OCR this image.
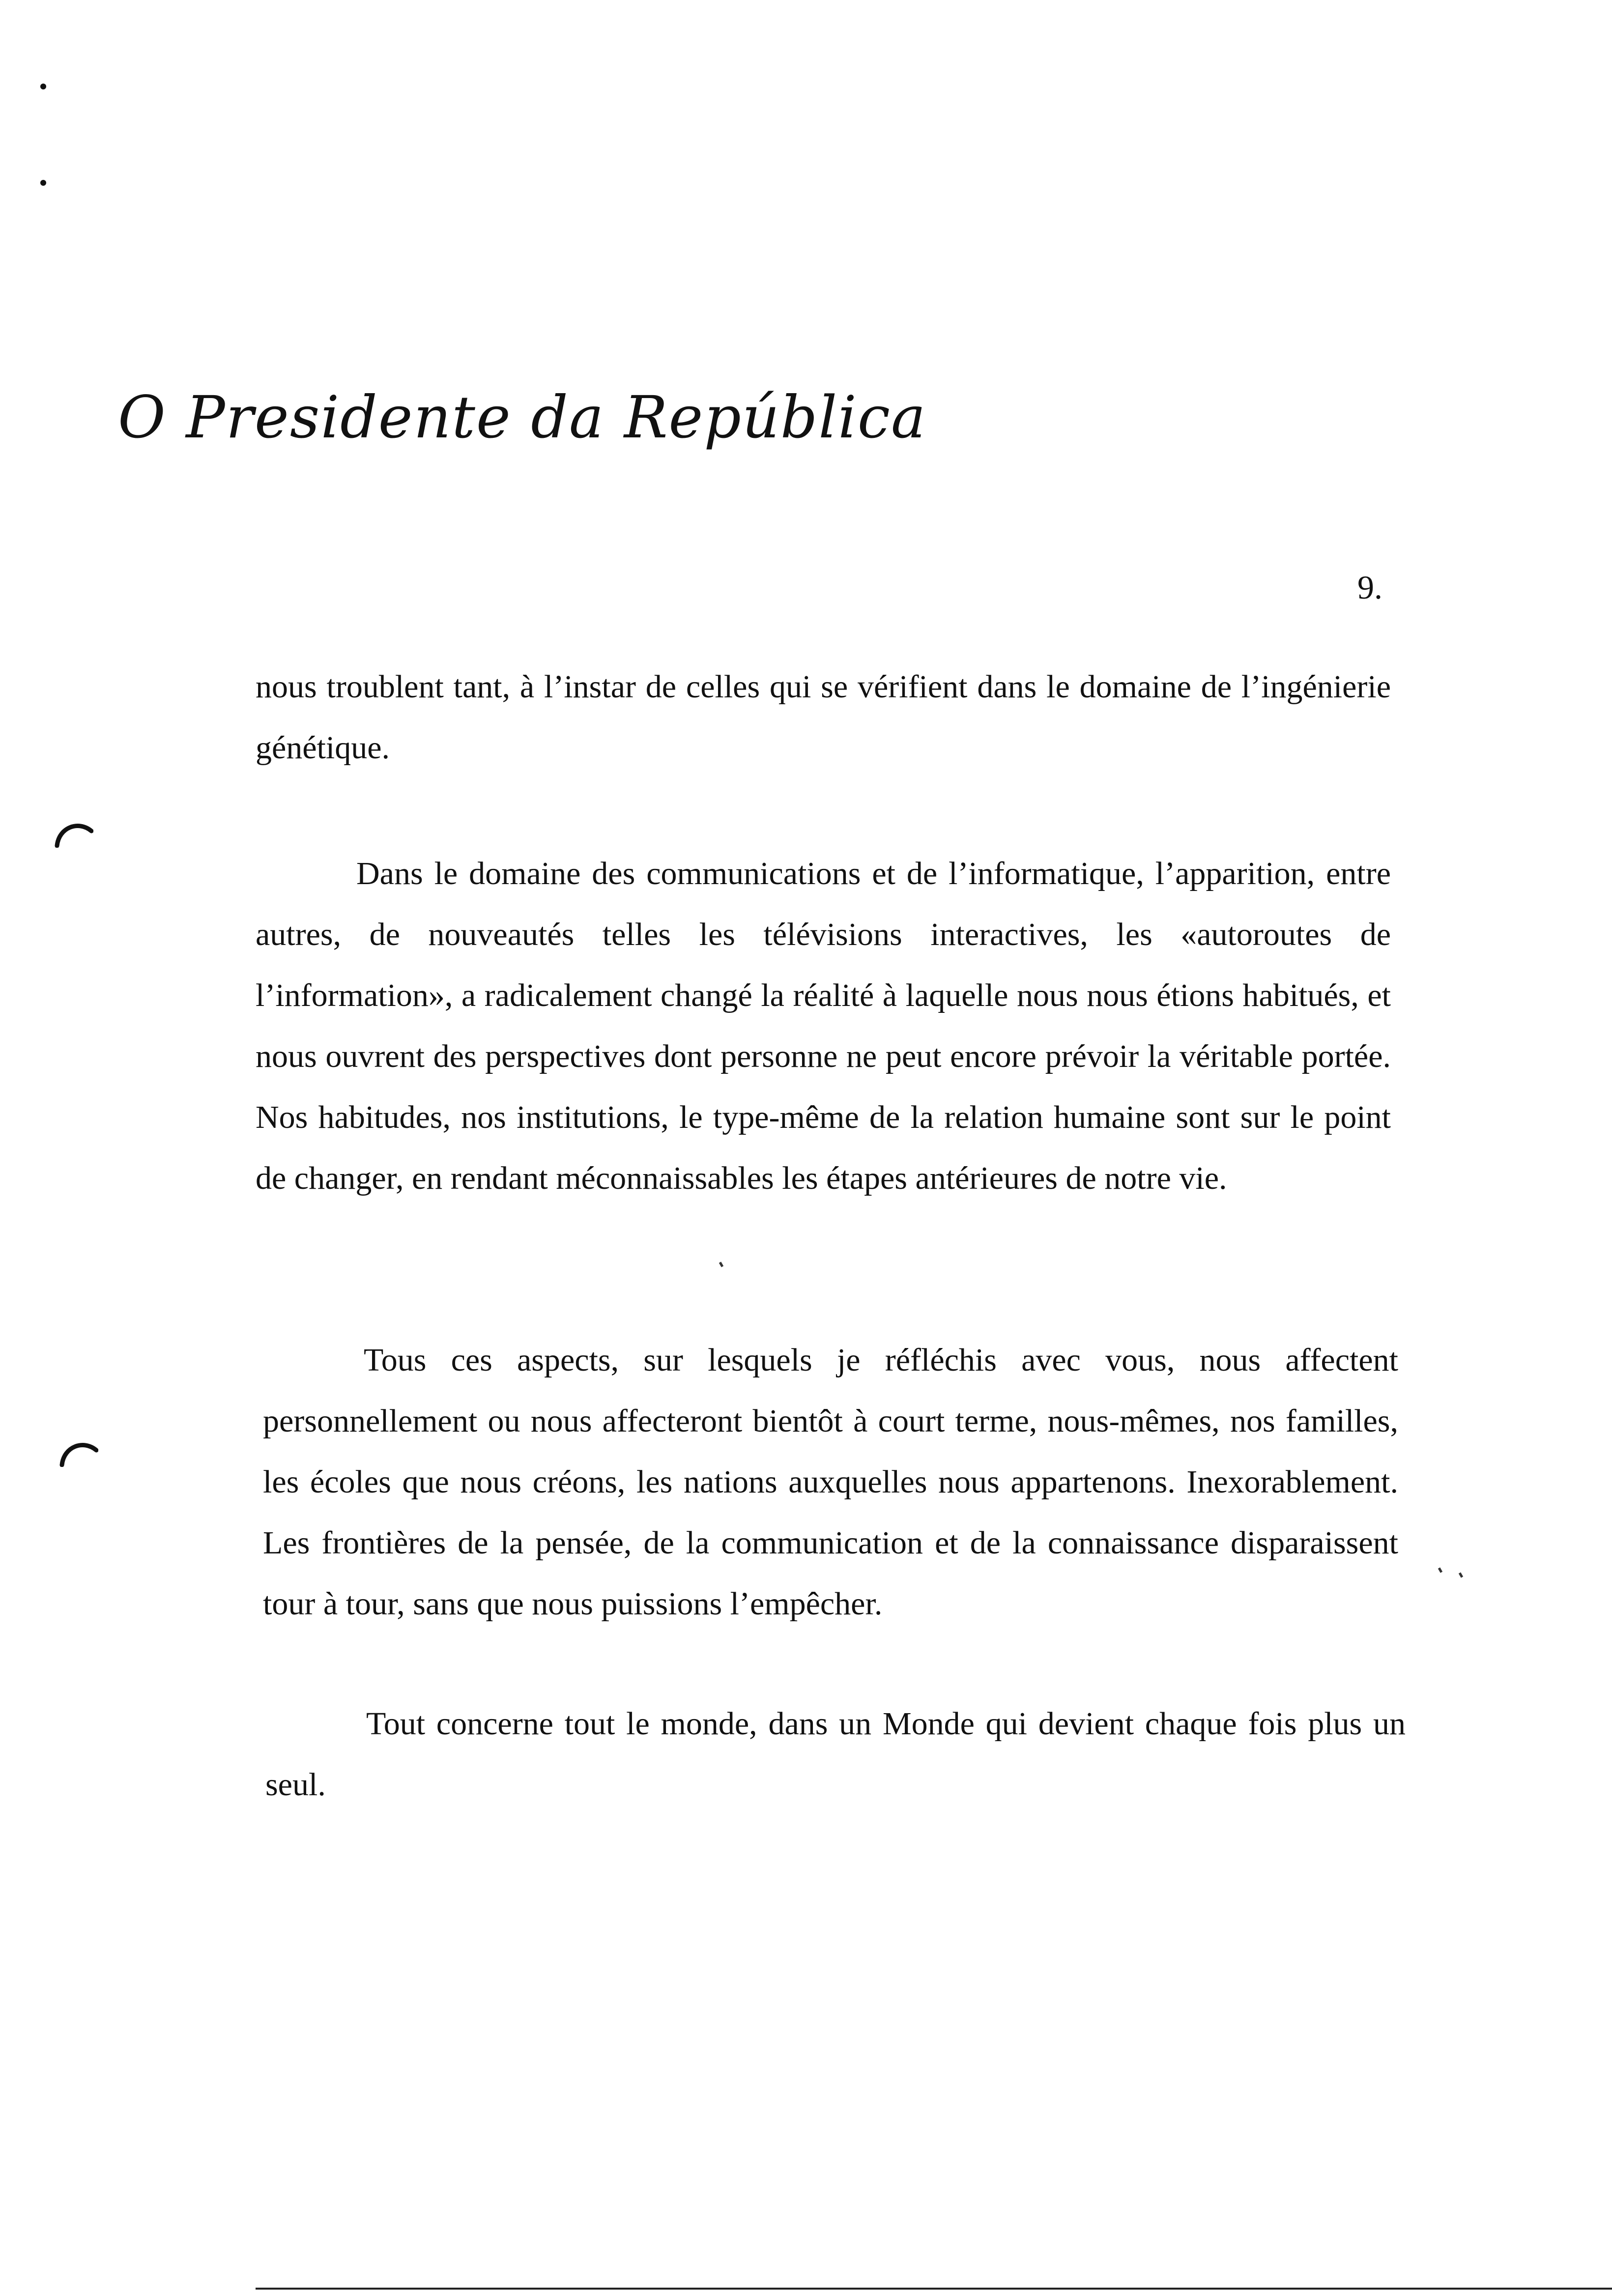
O Presidente da República
9.

nous troublent tant, à l’instar de celles qui se vérifient dans le domaine de l’ingénierie génétique.

Dans le domaine des communications et de l’informatique, l’apparition, entre autres, de nouveautés telles les télévisions interactives, les «autoroutes de l’information», a radicalement changé la réalité à laquelle nous nous étions habitués, et nous ouvrent des perspectives dont personne ne peut encore prévoir la véritable portée. Nos habitudes, nos institutions, le type-même de la relation humaine sont sur le point de changer, en rendant méconnaissables les étapes antérieures de notre vie.

Tous ces aspects, sur lesquels je réfléchis avec vous, nous affectent personnellement ou nous affecteront bientôt à court terme, nous-mêmes, nos familles, les écoles que nous créons, les nations auxquelles nous appartenons. Inexorablement. Les frontières de la pensée, de la communication et de la connaissance disparaissent tour à tour, sans que nous puissions l’empêcher.

Tout concerne tout le monde, dans un Monde qui devient chaque fois plus un seul.
